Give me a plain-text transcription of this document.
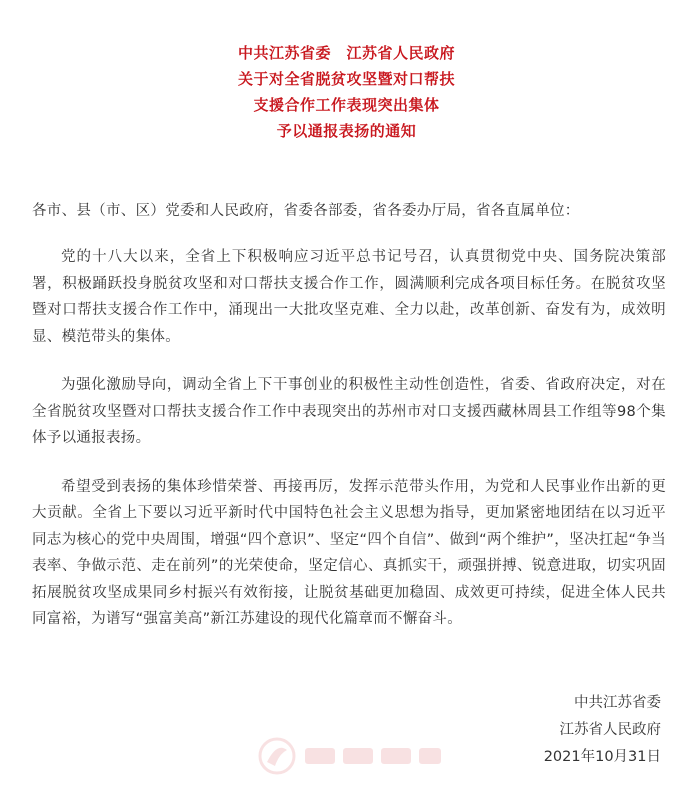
中共江苏省委　江苏省人民政府
关于对全省脱贫攻坚暨对口帮扶
支援合作工作表现突出集体
予以通报表扬的通知
各市、县（市、区）党委和人民政府，省委各部委，省各委办厅局，省各直属单位：

党的十八大以来，全省上下积极响应习近平总书记号召，认真贯彻党中央、国务院决策部署，积极踊跃投身脱贫攻坚和对口帮扶支援合作工作，圆满顺利完成各项目标任务。在脱贫攻坚暨对口帮扶支援合作工作中，涌现出一大批攻坚克难、全力以赴，改革创新、奋发有为，成效明显、模范带头的集体。

为强化激励导向，调动全省上下干事创业的积极性主动性创造性，省委、省政府决定，对在全省脱贫攻坚暨对口帮扶支援合作工作中表现突出的苏州市对口支援西藏林周县工作组等98个集体予以通报表扬。

希望受到表扬的集体珍惜荣誉、再接再厉，发挥示范带头作用，为党和人民事业作出新的更大贡献。全省上下要以习近平新时代中国特色社会主义思想为指导，更加紧密地团结在以习近平同志为核心的党中央周围，增强“四个意识”、坚定“四个自信”、做到“两个维护”，坚决扛起“争当表率、争做示范、走在前列”的光荣使命，坚定信心、真抓实干，顽强拼搏、锐意进取，切实巩固拓展脱贫攻坚成果同乡村振兴有效衔接，让脱贫基础更加稳固、成效更可持续，促进全体人民共同富裕，为谱写“强富美高”新江苏建设的现代化篇章而不懈奋斗。

中共江苏省委
江苏省人民政府
2021年10月31日
